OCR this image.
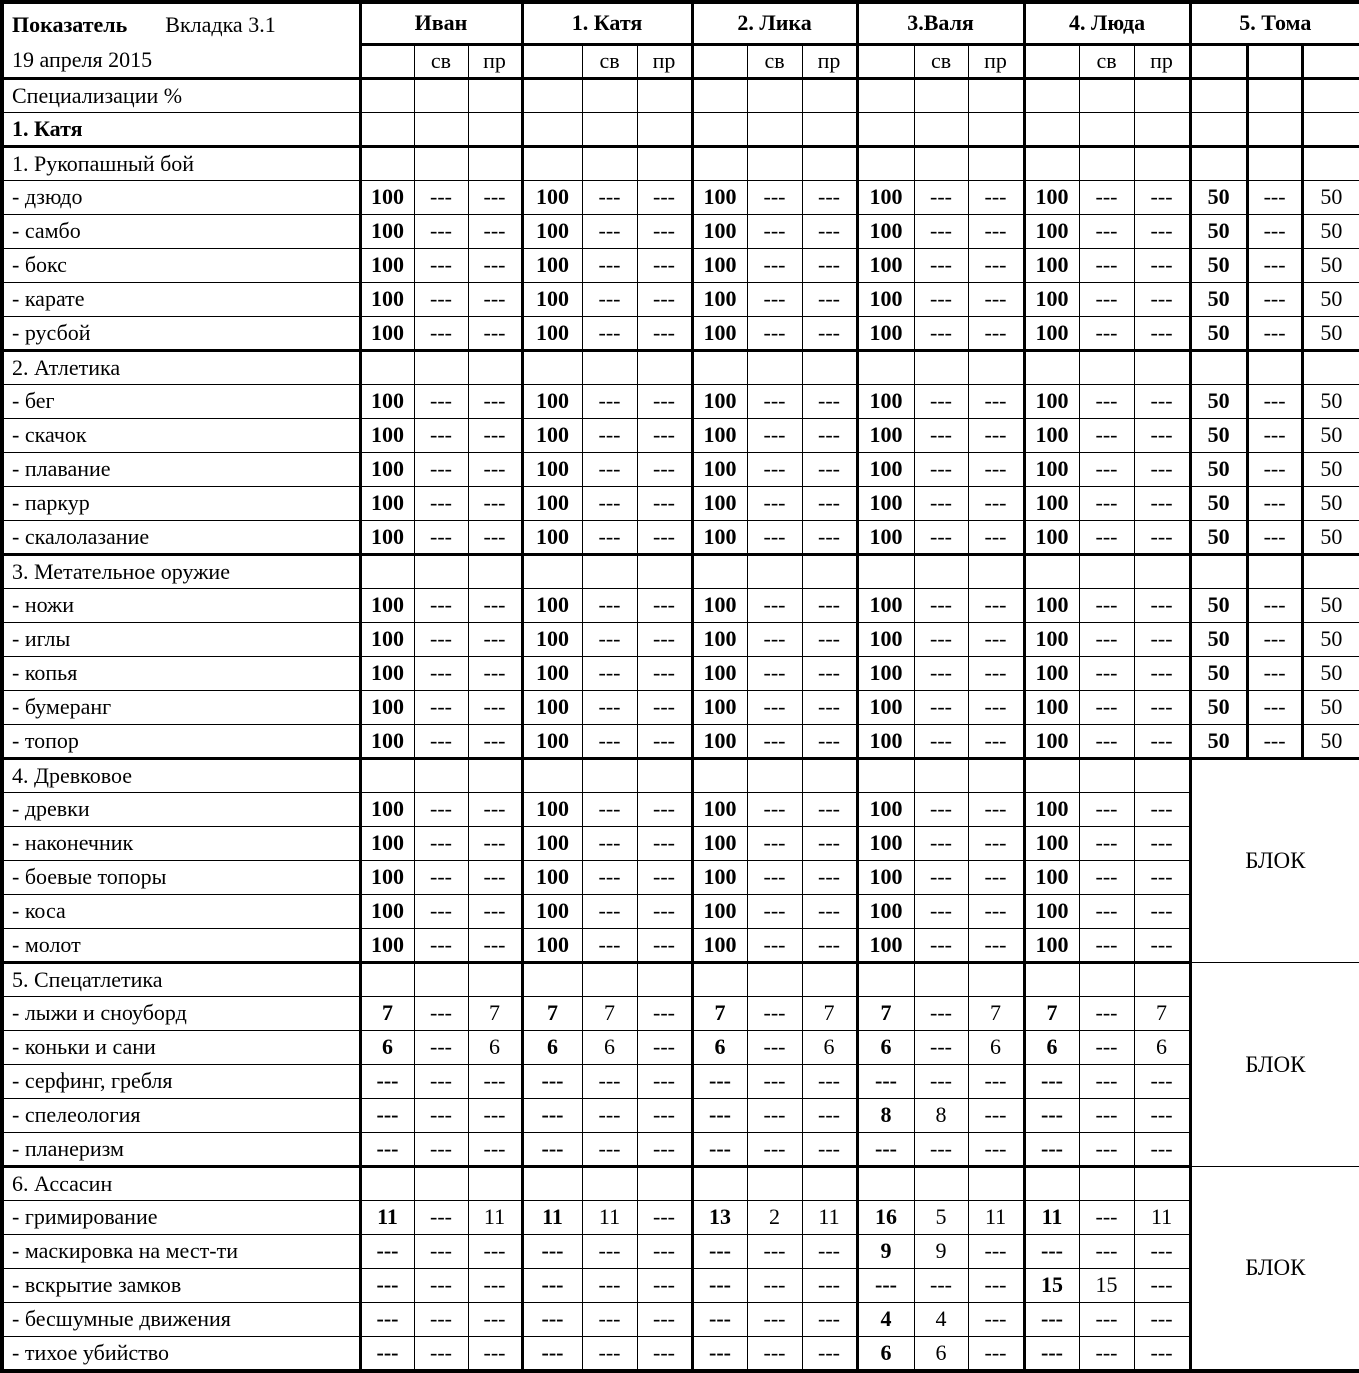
Показатель Вкладка 3.1
19 апреля 2015	Иван			1. Катя			2. Лика			3.Валя			4. Люда			5. Тома		
		св	пр		св	пр		св	пр		св	пр		св	пр			
Специализации %																		
1. Катя																		
1. Рукопашный бой																		
- дзюдо	100	---	---	100	---	---	100	---	---	100	---	---	100	---	---	50	---	50
- самбо	100	---	---	100	---	---	100	---	---	100	---	---	100	---	---	50	---	50
- бокс	100	---	---	100	---	---	100	---	---	100	---	---	100	---	---	50	---	50
- карате	100	---	---	100	---	---	100	---	---	100	---	---	100	---	---	50	---	50
- русбой	100	---	---	100	---	---	100	---	---	100	---	---	100	---	---	50	---	50
2. Атлетика																		
- бег	100	---	---	100	---	---	100	---	---	100	---	---	100	---	---	50	---	50
- скачок	100	---	---	100	---	---	100	---	---	100	---	---	100	---	---	50	---	50
- плавание	100	---	---	100	---	---	100	---	---	100	---	---	100	---	---	50	---	50
- паркур	100	---	---	100	---	---	100	---	---	100	---	---	100	---	---	50	---	50
- скалолазание	100	---	---	100	---	---	100	---	---	100	---	---	100	---	---	50	---	50
3. Метательное оружие																		
- ножи	100	---	---	100	---	---	100	---	---	100	---	---	100	---	---	50	---	50
- иглы	100	---	---	100	---	---	100	---	---	100	---	---	100	---	---	50	---	50
- копья	100	---	---	100	---	---	100	---	---	100	---	---	100	---	---	50	---	50
- бумеранг	100	---	---	100	---	---	100	---	---	100	---	---	100	---	---	50	---	50
- топор	100	---	---	100	---	---	100	---	---	100	---	---	100	---	---	50	---	50
4. Древковое																БЛОК		
- древки	100	---	---	100	---	---	100	---	---	100	---	---	100	---	---			
- наконечник	100	---	---	100	---	---	100	---	---	100	---	---	100	---	---			
- боевые топоры	100	---	---	100	---	---	100	---	---	100	---	---	100	---	---			
- коса	100	---	---	100	---	---	100	---	---	100	---	---	100	---	---			
- молот	100	---	---	100	---	---	100	---	---	100	---	---	100	---	---			
5. Спецатлетика																БЛОК		
- лыжи и сноуборд	7	---	7	7	7	---	7	---	7	7	---	7	7	---	7			
- коньки и сани	6	---	6	6	6	---	6	---	6	6	---	6	6	---	6			
- серфинг, гребля	---	---	---	---	---	---	---	---	---	---	---	---	---	---	---			
- спелеология	---	---	---	---	---	---	---	---	---	8	8	---	---	---	---			
- планеризм	---	---	---	---	---	---	---	---	---	---	---	---	---	---	---			
6. Ассасин																БЛОК		
- гримирование	11	---	11	11	11	---	13	2	11	16	5	11	11	---	11			
- маскировка на мест-ти	---	---	---	---	---	---	---	---	---	9	9	---	---	---	---			
- вскрытие замков	---	---	---	---	---	---	---	---	---	---	---	---	15	15	---			
- бесшумные движения	---	---	---	---	---	---	---	---	---	4	4	---	---	---	---			
- тихое убийство	---	---	---	---	---	---	---	---	---	6	6	---	---	---	---			
